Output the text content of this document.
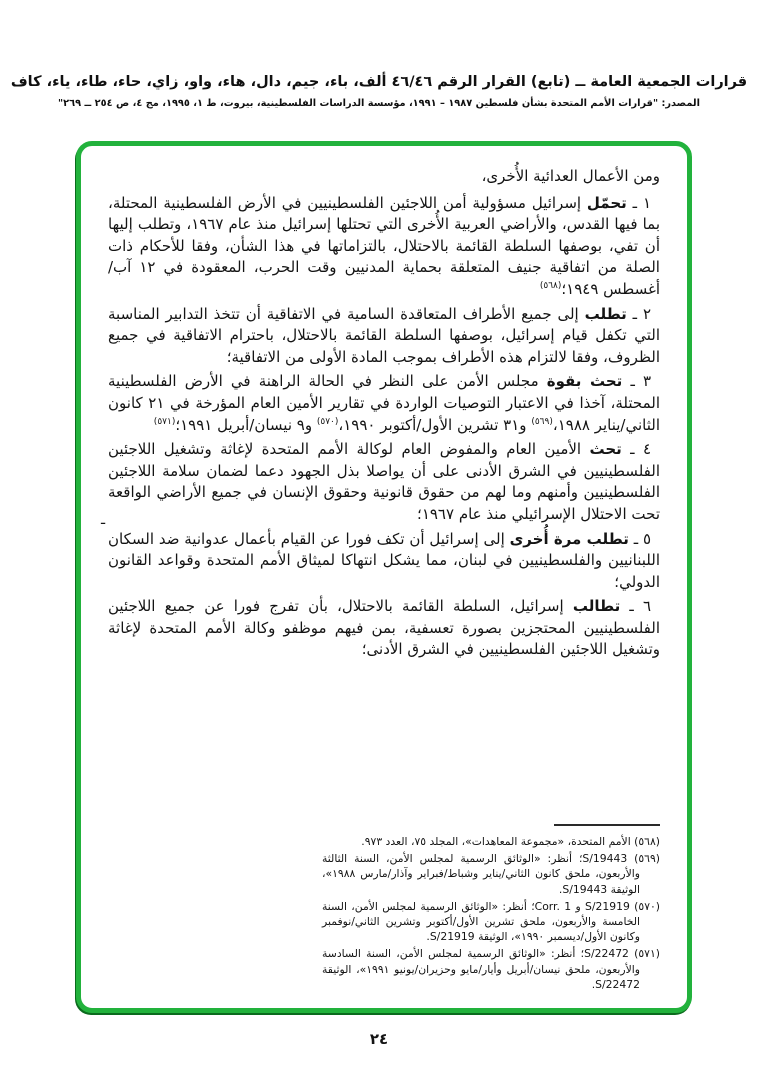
قرارات الجمعية العامة ــ (تابع) القرار الرقم ٤٦/٤٦ ألف، باء، جيم، دال، هاء، واو، زاي، حاء، طاء، ياء، كاف
المصدر: "قرارات الأمم المتحدة بشأن فلسطين ١٩٨٧ – ١٩٩١، مؤسسة الدراسات الفلسطينية، بيروت، ط ١، ١٩٩٥، مج ٤، ص ٢٥٤ ــ ٢٦٩"
ومن الأعمال العدائية الأُخرى،
١ ـ تحمّل إسرائيل مسؤولية أمن اللاجئين الفلسطينيين في الأرض الفلسطينية المحتلة، بما فيها القدس، والأراضي العربية الأُخرى التي تحتلها إسرائيل منذ عام ١٩٦٧، وتطلب إليها أن تفي، بوصفها السلطة القائمة بالاحتلال، بالتزاماتها في هذا الشأن، وفقا للأحكام ذات الصلة من اتفاقية جنيف المتعلقة بحماية المدنيين وقت الحرب، المعقودة في ١٢ آب/أغسطس ١٩٤٩؛$^{(٥٦٨)}$
٢ ـ تطلب إلى جميع الأطراف المتعاقدة السامية في الاتفاقية أن تتخذ التدابير المناسبة التي تكفل قيام إسرائيل، بوصفها السلطة القائمة بالاحتلال، باحترام الاتفاقية في جميع الظروف، وفقا لالتزام هذه الأطراف بموجب المادة الأولى من الاتفاقية؛
٣ ـ تحث بقوة مجلس الأمن على النظر في الحالة الراهنة في الأرض الفلسطينية المحتلة، آخذا في الاعتبار التوصيات الواردة في تقارير الأمين العام المؤرخة في ٢١ كانون الثاني/يناير ١٩٨٨،$^{(٥٦٩)}$ و٣١ تشرين الأول/أكتوبر ١٩٩٠،$^{(٥٧٠)}$ و٩ نيسان/أبريل ١٩٩١؛$^{(٥٧١)}$
٤ ـ تحث الأمين العام والمفوض العام لوكالة الأمم المتحدة لإغاثة وتشغيل اللاجئين الفلسطينيين في الشرق الأدنى على أن يواصلا بذل الجهود دعما لضمان سلامة اللاجئين الفلسطينيين وأمنهم وما لهم من حقوق قانونية وحقوق الإنسان في جميع الأراضي الواقعة تحت الاحتلال الإسرائيلي منذ عام ١٩٦٧؛
٥ ـ تطلب مرة أُخرى إلى إسرائيل أن تكف فورا عن القيام بأعمال عدوانية ضد السكان اللبنانيين والفلسطينيين في لبنان، مما يشكل انتهاكا لميثاق الأمم المتحدة وقواعد القانون الدولي؛
٦ ـ تطالب إسرائيل، السلطة القائمة بالاحتلال، بأن تفرج فورا عن جميع اللاجئين الفلسطينيين المحتجزين بصورة تعسفية، بمن فيهم موظفو وكالة الأمم المتحدة لإغاثة وتشغيل اللاجئين الفلسطينيين في الشرق الأدنى؛
ـ
(٥٦٨) الأمم المتحدة، «مجموعة المعاهدات»، المجلد ٧٥، العدد ٩٧٣.
(٥٦٩) S/19443؛ أنظر: «الوثائق الرسمية لمجلس الأمن، السنة الثالثة والأربعون، ملحق كانون الثاني/يناير وشباط/فبراير وآذار/مارس ١٩٨٨»، الوثيقة S/19443.
(٥٧٠) S/21919 و Corr. 1؛ أنظر: «الوثائق الرسمية لمجلس الأمن، السنة الخامسة والأربعون، ملحق تشرين الأول/أكتوبر وتشرين الثاني/نوفمبر وكانون الأول/ديسمبر ١٩٩٠»، الوثيقة S/21919.
(٥٧١) S/22472؛ أنظر: «الوثائق الرسمية لمجلس الأمن، السنة السادسة والأربعون، ملحق نيسان/أبريل وأيار/مايو وحزيران/يونيو ١٩٩١»، الوثيقة S/22472.
٢٤
